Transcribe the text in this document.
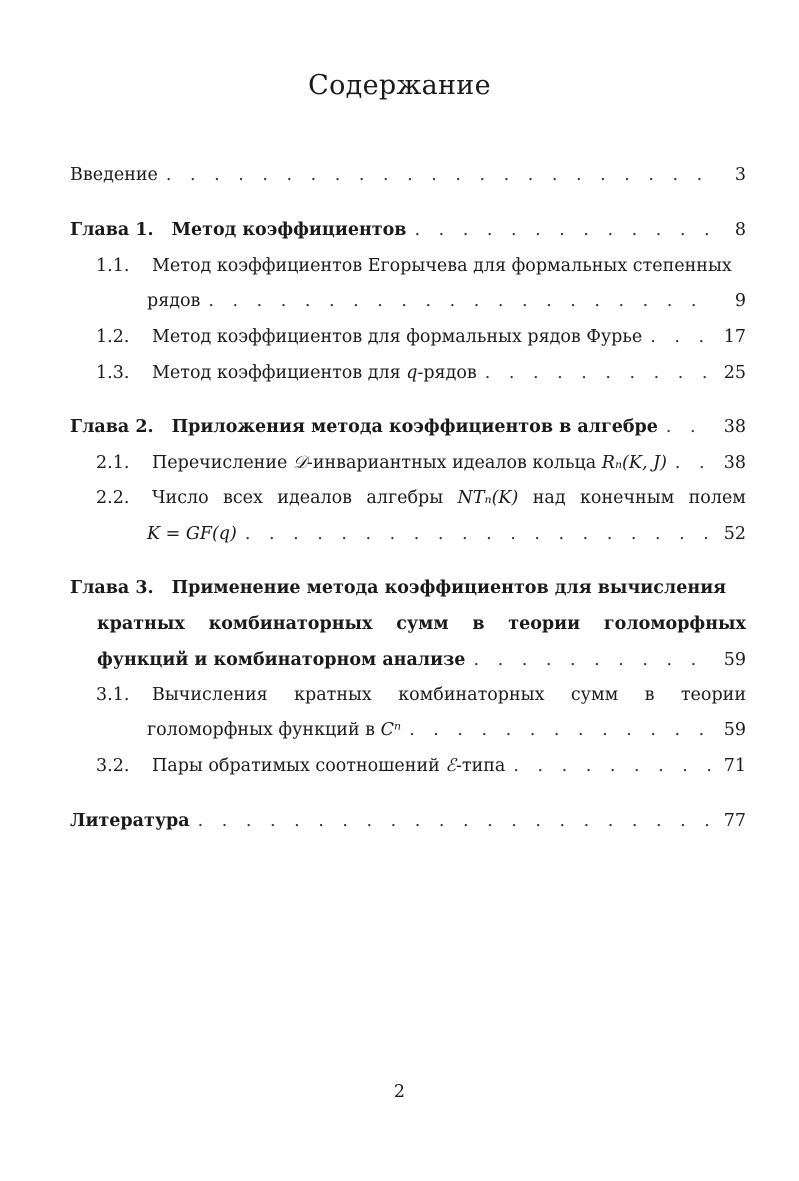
Содержание
Введение . . .	3
Глава 1. Метод коэффициентов . . .	8
1.1.	Метод коэффициентов Егорычева для формальных степенных
рядов . . .	9
1.2.	Метод коэффициентов для формальных рядов Фурье . . .	17
1.3.	Метод коэффициентов для q-рядов . . .	25
Глава 2. Приложения метода коэффициентов в алгебре . . .	38
2.1.	Перечисление 𝒟-инвариантных идеалов кольца Rₙ(K, J) . . .	38
2.2.	Число всех идеалов алгебры NTₙ(K) над конечным полем
K = GF(q) . . .	52
Глава 3. Применение метода коэффициентов для вычисления
кратных комбинаторных сумм в теории голоморфных
функций и комбинаторном анализе . . .	59
3.1.	Вычисления кратных комбинаторных сумм в теории
голоморфных функций в Cⁿ . . .	59
3.2.	Пары обратимых соотношений ℰ-типа . . .	71
Литература . . .	77
2
